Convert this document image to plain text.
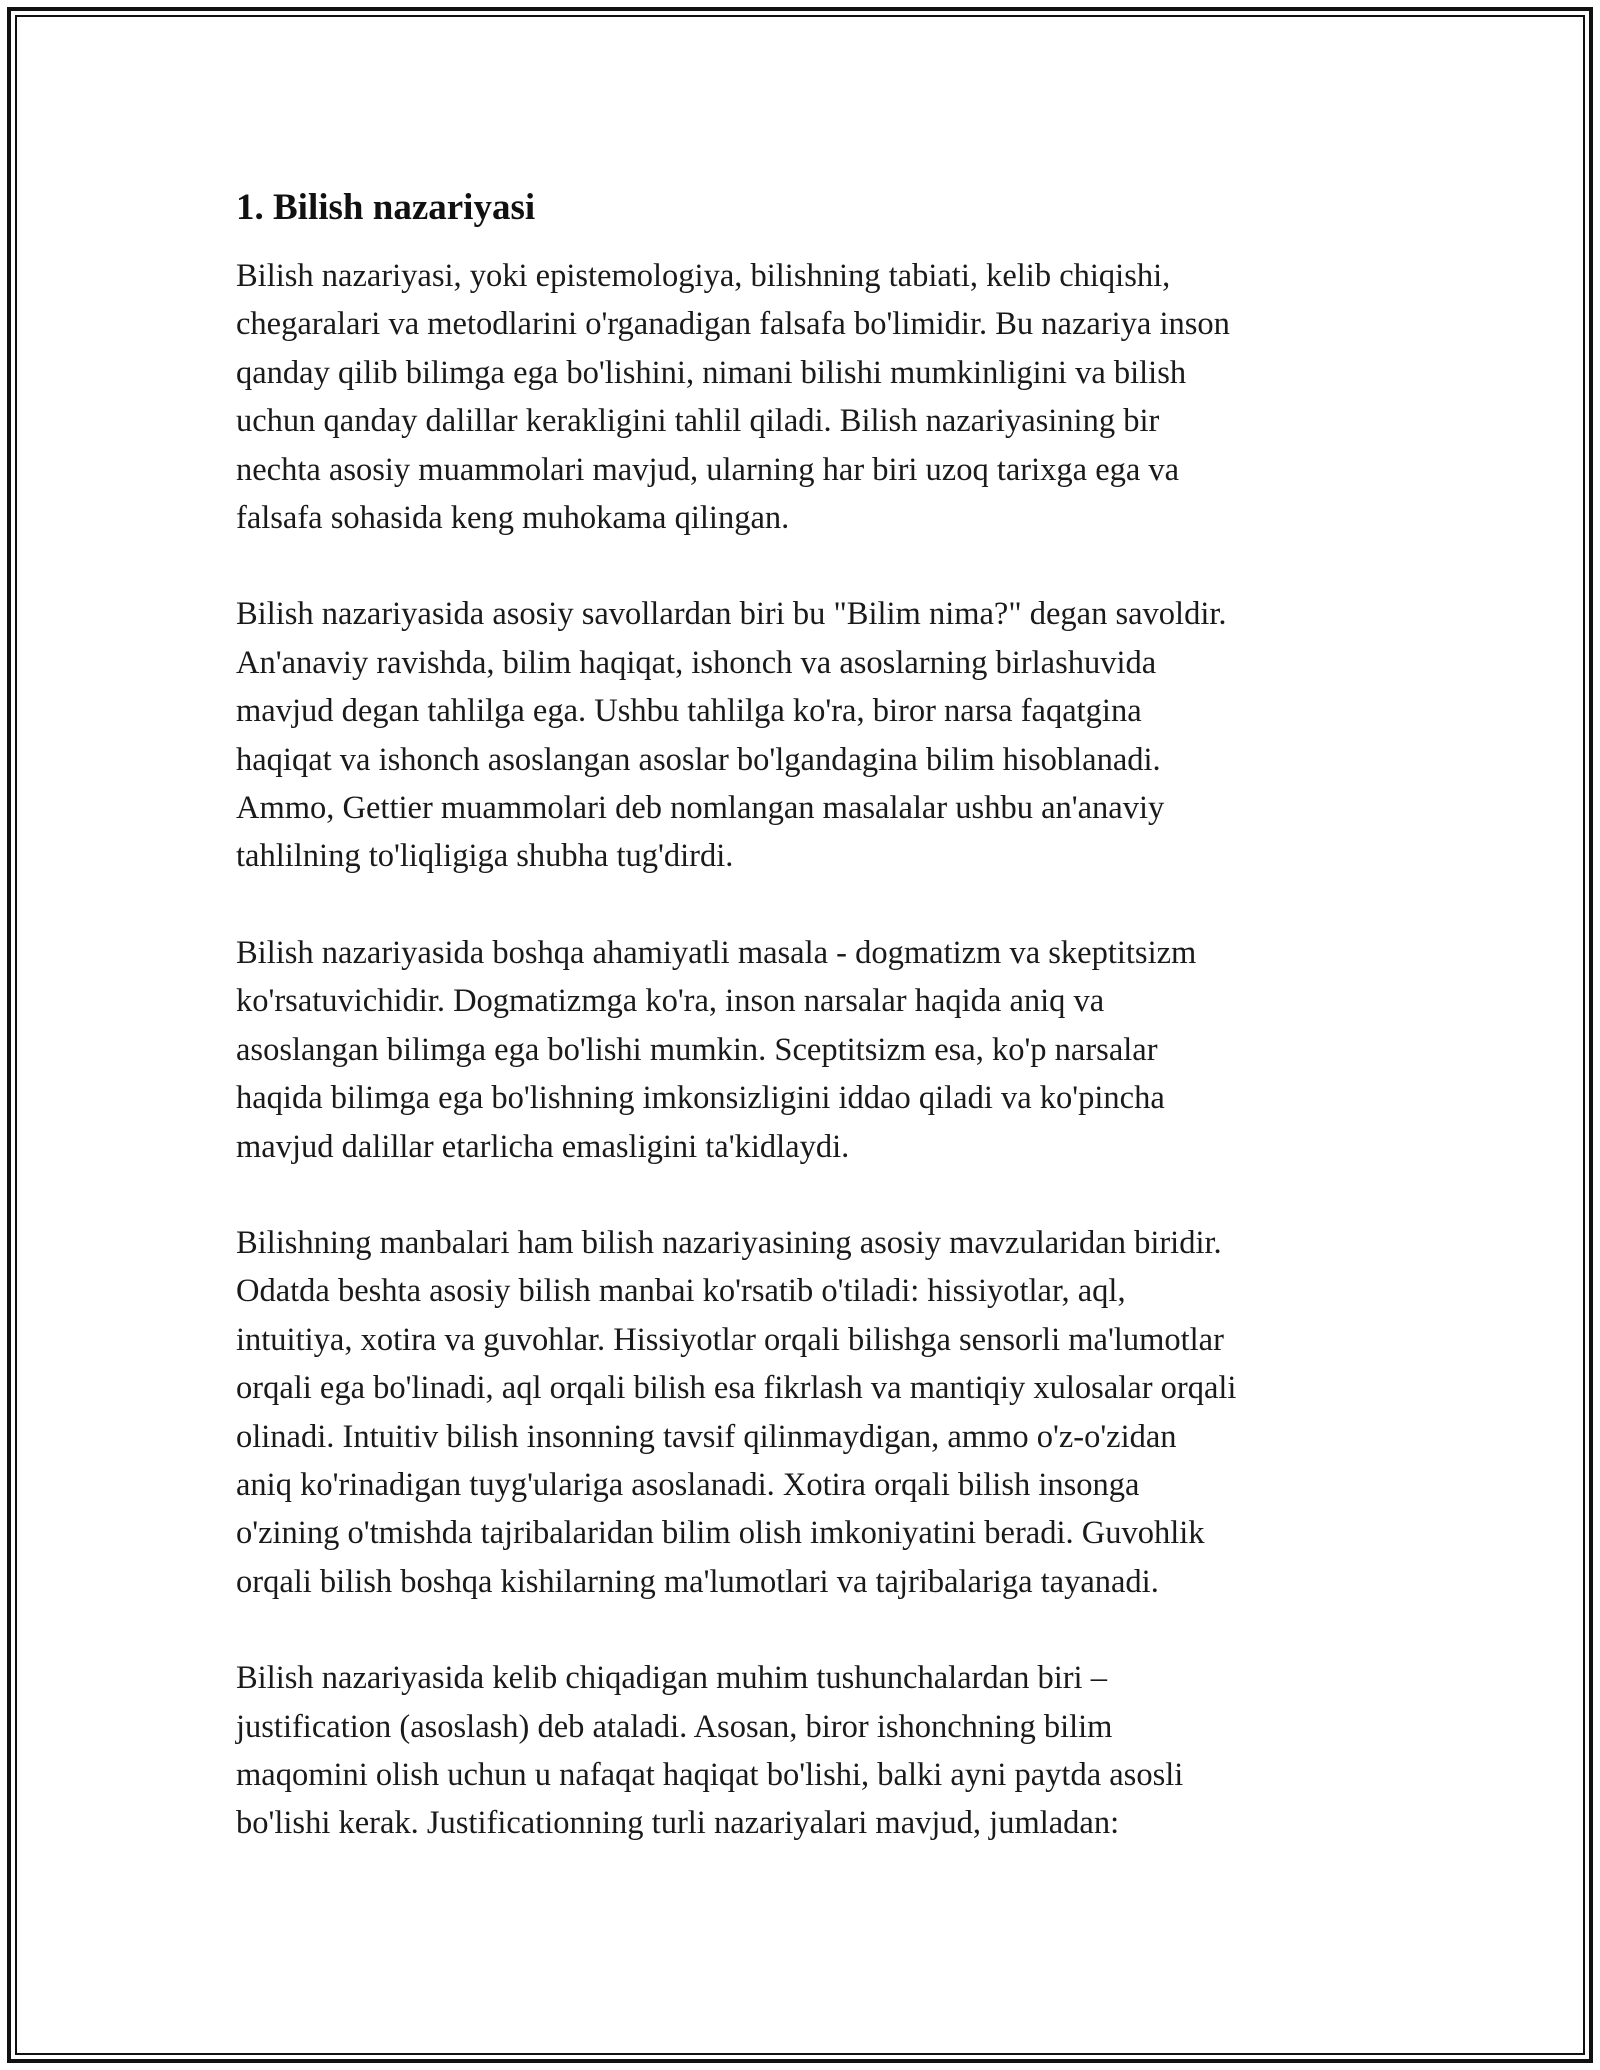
1. Bilish nazariyasi

Bilish nazariyasi, yoki epistemologiya, bilishning tabiati, kelib chiqishi,
chegaralari va metodlarini o'rganadigan falsafa bo'limidir. Bu nazariya inson
qanday qilib bilimga ega bo'lishini, nimani bilishi mumkinligini va bilish
uchun qanday dalillar kerakligini tahlil qiladi. Bilish nazariyasining bir
nechta asosiy muammolari mavjud, ularning har biri uzoq tarixga ega va
falsafa sohasida keng muhokama qilingan.

Bilish nazariyasida asosiy savollardan biri bu "Bilim nima?" degan savoldir.
An'anaviy ravishda, bilim haqiqat, ishonch va asoslarning birlashuvida
mavjud degan tahlilga ega. Ushbu tahlilga ko'ra, biror narsa faqatgina
haqiqat va ishonch asoslangan asoslar bo'lgandagina bilim hisoblanadi.
Ammo, Gettier muammolari deb nomlangan masalalar ushbu an'anaviy
tahlilning to'liqligiga shubha tug'dirdi.

Bilish nazariyasida boshqa ahamiyatli masala - dogmatizm va skeptitsizm
ko'rsatuvichidir. Dogmatizmga ko'ra, inson narsalar haqida aniq va
asoslangan bilimga ega bo'lishi mumkin. Sceptitsizm esa, ko'p narsalar
haqida bilimga ega bo'lishning imkonsizligini iddao qiladi va ko'pincha
mavjud dalillar etarlicha emasligini ta'kidlaydi.

Bilishning manbalari ham bilish nazariyasining asosiy mavzularidan biridir.
Odatda beshta asosiy bilish manbai ko'rsatib o'tiladi: hissiyotlar, aql,
intuitiya, xotira va guvohlar. Hissiyotlar orqali bilishga sensorli ma'lumotlar
orqali ega bo'linadi, aql orqali bilish esa fikrlash va mantiqiy xulosalar orqali
olinadi. Intuitiv bilish insonning tavsif qilinmaydigan, ammo o'z-o'zidan
aniq ko'rinadigan tuyg'ulariga asoslanadi. Xotira orqali bilish insonga
o'zining o'tmishda tajribalaridan bilim olish imkoniyatini beradi. Guvohlik
orqali bilish boshqa kishilarning ma'lumotlari va tajribalariga tayanadi.

Bilish nazariyasida kelib chiqadigan muhim tushunchalardan biri –
justification (asoslash) deb ataladi. Asosan, biror ishonchning bilim
maqomini olish uchun u nafaqat haqiqat bo'lishi, balki ayni paytda asosli
bo'lishi kerak. Justificationning turli nazariyalari mavjud, jumladan:
